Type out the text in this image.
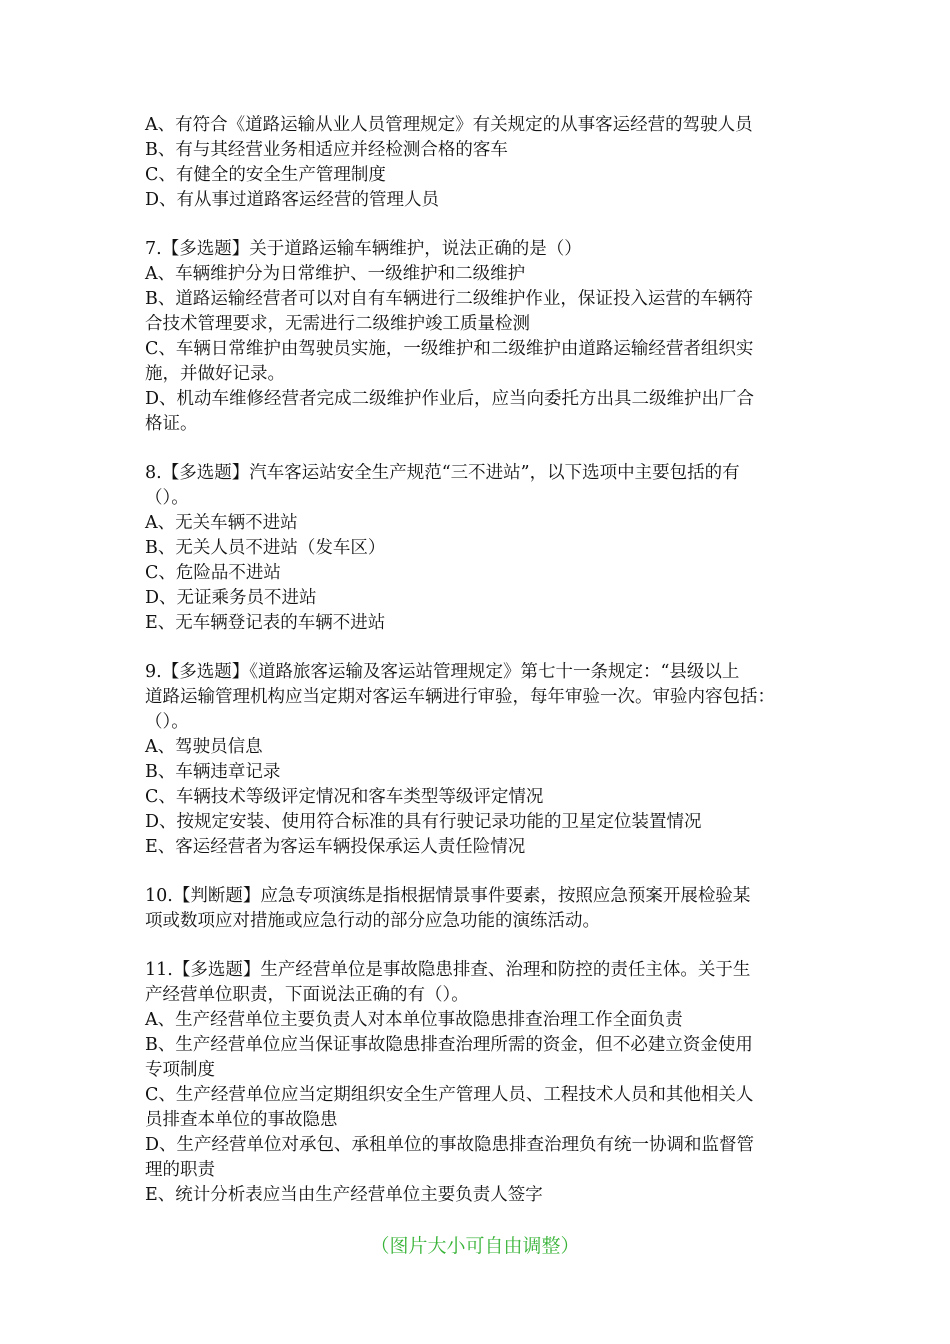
A、有符合《道路运输从业人员管理规定》有关规定的从事客运经营的驾驶人员
B、有与其经营业务相适应并经检测合格的客车
C、有健全的安全生产管理制度
D、有从事过道路客运经营的管理人员
7.【多选题】关于道路运输车辆维护，说法正确的是（）
A、车辆维护分为日常维护、一级维护和二级维护
B、道路运输经营者可以对自有车辆进行二级维护作业，保证投入运营的车辆符
合技术管理要求，无需进行二级维护竣工质量检测
C、车辆日常维护由驾驶员实施，一级维护和二级维护由道路运输经营者组织实
施，并做好记录。
D、机动车维修经营者完成二级维护作业后，应当向委托方出具二级维护出厂合
格证。
8.【多选题】汽车客运站安全生产规范“三不进站”，以下选项中主要包括的有
（）。
A、无关车辆不进站
B、无关人员不进站（发车区）
C、危险品不进站
D、无证乘务员不进站
E、无车辆登记表的车辆不进站
9.【多选题】《道路旅客运输及客运站管理规定》第七十一条规定：“县级以上
道路运输管理机构应当定期对客运车辆进行审验，每年审验一次。审验内容包括：
（）。
A、驾驶员信息
B、车辆违章记录
C、车辆技术等级评定情况和客车类型等级评定情况
D、按规定安装、使用符合标准的具有行驶记录功能的卫星定位装置情况
E、客运经营者为客运车辆投保承运人责任险情况
10.【判断题】应急专项演练是指根据情景事件要素，按照应急预案开展检验某
项或数项应对措施或应急行动的部分应急功能的演练活动。
11.【多选题】生产经营单位是事故隐患排查、治理和防控的责任主体。关于生
产经营单位职责，下面说法正确的有（）。
A、生产经营单位主要负责人对本单位事故隐患排查治理工作全面负责
B、生产经营单位应当保证事故隐患排查治理所需的资金，但不必建立资金使用
专项制度
C、生产经营单位应当定期组织安全生产管理人员、工程技术人员和其他相关人
员排查本单位的事故隐患
D、生产经营单位对承包、承租单位的事故隐患排查治理负有统一协调和监督管
理的职责
E、统计分析表应当由生产经营单位主要负责人签字
（图片大小可自由调整）
